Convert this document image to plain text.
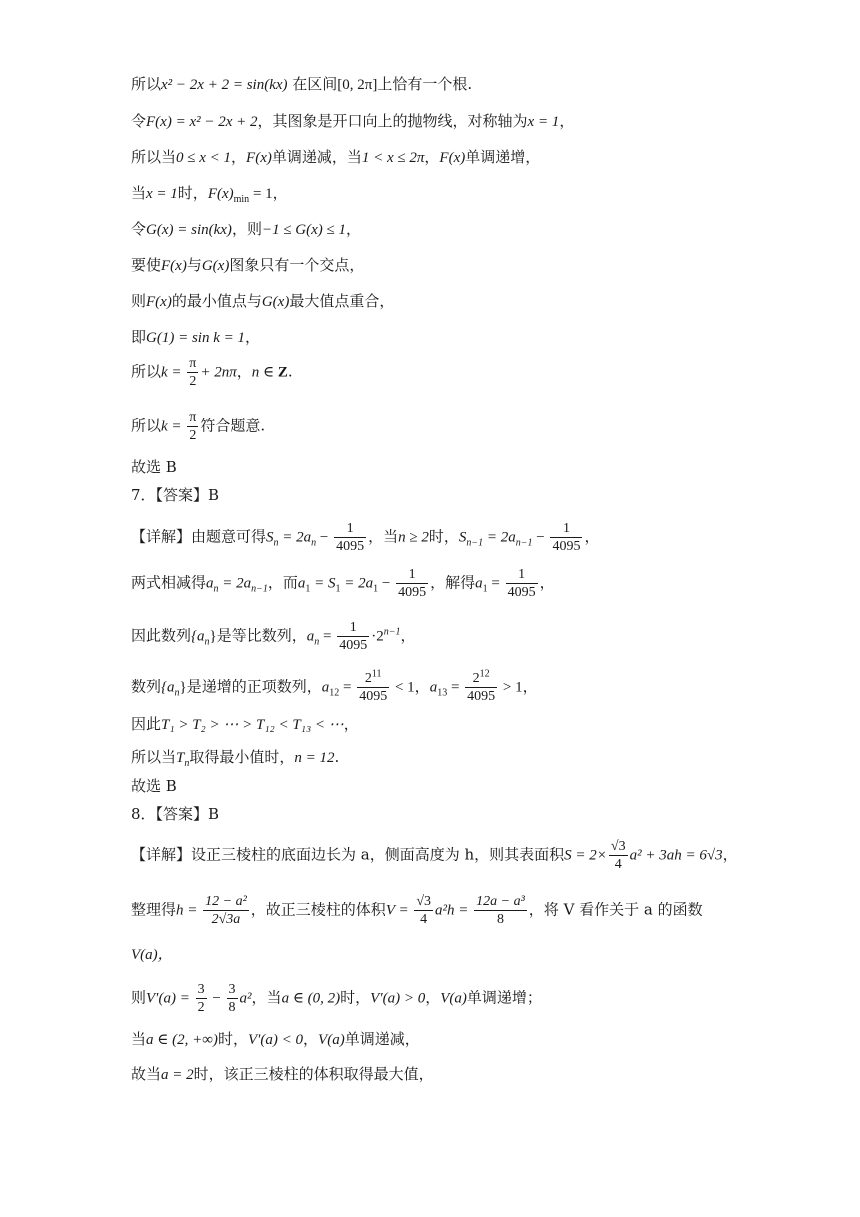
所以x² − 2x + 2 = sin(kx) 在区间[0, 2π]上恰有一个根.
令F(x) = x² − 2x + 2，其图象是开口向上的抛物线，对称轴为x = 1，
所以当0 ≤ x < 1，F(x)单调递减，当1 < x ≤ 2π，F(x)单调递增，
当x = 1时，$F(x)_{min} = 1$，
令G(x) = sin(kx)，则−1 ≤ G(x) ≤ 1，
要使F(x)与G(x)图象只有一个交点，
则F(x)的最小值点与G(x)最大值点重合，
即G(1) = sin k = 1，
所以$k = \frac{\pi}{2} + 2n\pi$，n ∈ Z.
所以$k = \frac{\pi}{2}$ 符合题意.
故选 B
7．【答案】B
【详解】由题意可得$S_n = 2a_n - \frac{1}{4095}$ ，当n ≥ 2时，$S_{n-1} = 2a_{n-1} - \frac{1}{4095}$ ，
两式相减得$a_n = 2a_{n-1}$，而$a_1 = S_1 = 2a_1 - \frac{1}{4095}$ ，解得$a_1 = \frac{1}{4095}$ ，
因此数列$\{a_n\}$是等比数列，$a_n = \frac{1}{4095} \cdot 2^{n-1}$，
数列$\{a_n\}$是递增的正项数列，$a_{12} = \frac{2^{11}}{4095} < 1$，$a_{13} = \frac{2^{12}}{4095} > 1$，
因此T₁ > T₂ > ⋯ > T₁₂ < T₁₃ < ⋯，
所以当$T_n$取得最小值时，n = 12.
故选 B
8．【答案】B
【详解】设正三棱柱的底面边长为 a，侧面高度为 h，则其表面积$S = 2\times \frac{√3}{4} a^2 + 3ah = 6√3$，
整理得$h = \frac{\text{12 − a²}}{2√3a}$ ，故正三棱柱的体积$V = \frac{√3}{4} a^2h = \frac{\text{12a − a³}}{8}$ ，将 V 看作关于 a 的函数
V(a)，
则$V'(a) = \frac{3}{2} - \frac{3}{8} a^2$，当a ∈ (0, 2)时，V′(a) > 0，V(a)单调递增；
当a ∈ (2, +∞)时，V′(a) < 0，V(a)单调递减，
故当a = 2时，该正三棱柱的体积取得最大值，
